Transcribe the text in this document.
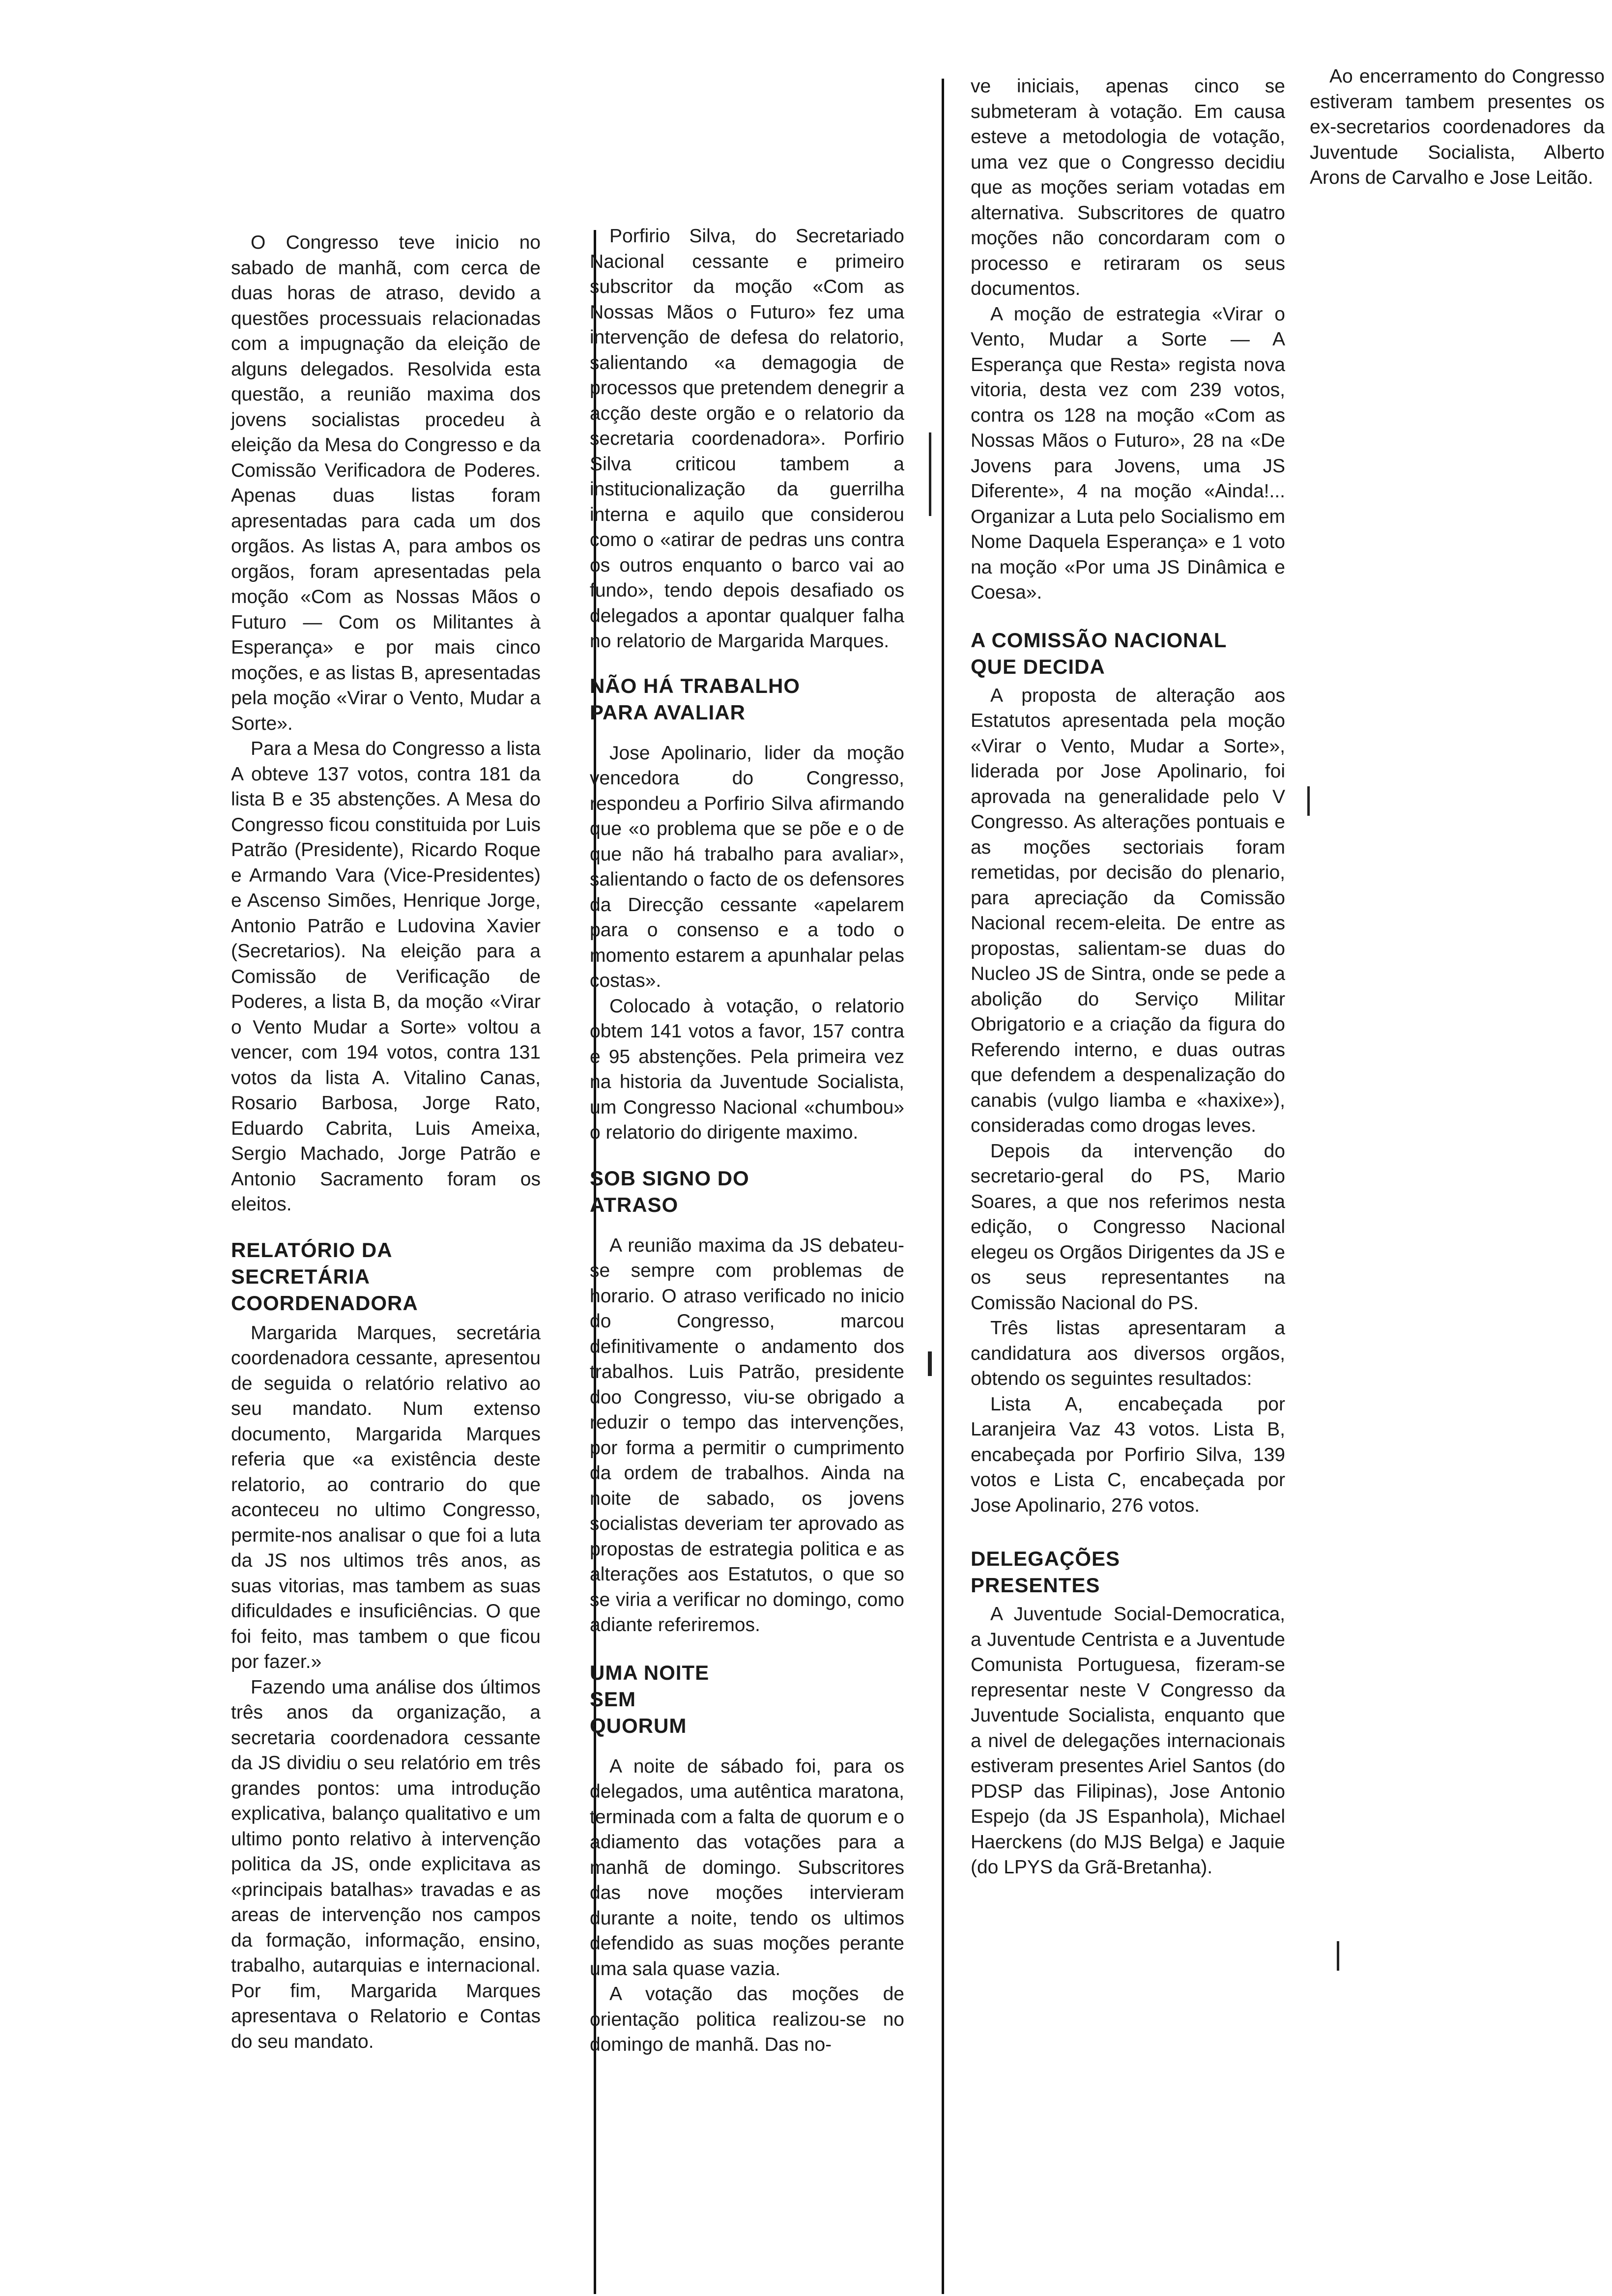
O Congresso teve inicio no sabado de manhã, com cerca de duas horas de atraso, devido a questões processuais relacionadas com a impugnação da eleição de alguns delegados. Resolvida esta questão, a reunião maxima dos jovens socialistas procedeu à eleição da Mesa do Congresso e da Comissão Verificadora de Poderes. Apenas duas listas foram apresentadas para cada um dos orgãos. As listas A, para ambos os orgãos, foram apresentadas pela moção «Com as Nossas Mãos o Futuro — Com os Militantes à Esperança» e por mais cinco moções, e as listas B, apresentadas pela moção «Virar o Vento, Mudar a Sorte».

Para a Mesa do Congresso a lista A obteve 137 votos, contra 181 da lista B e 35 abstenções. A Mesa do Congresso ficou constituida por Luis Patrão (Presidente), Ricardo Roque e Armando Vara (Vice-Presidentes) e Ascenso Simões, Henrique Jorge, Antonio Patrão e Ludovina Xavier (Secretarios). Na eleição para a Comissão de Verificação de Poderes, a lista B, da moção «Virar o Vento Mudar a Sorte» voltou a vencer, com 194 votos, contra 131 votos da lista A. Vitalino Canas, Rosario Barbosa, Jorge Rato, Eduardo Cabrita, Luis Ameixa, Sergio Machado, Jorge Patrão e Antonio Sacramento foram os eleitos.

RELATÓRIO DA SECRETÁRIA COORDENADORA

Margarida Marques, secretária coordenadora cessante, apresentou de seguida o relatório relativo ao seu mandato. Num extenso documento, Margarida Marques referia que «a existência deste relatorio, ao contrario do que aconteceu no ultimo Congresso, permite-nos analisar o que foi a luta da JS nos ultimos três anos, as suas vitorias, mas tambem as suas dificuldades e insuficiências. O que foi feito, mas tambem o que ficou por fazer.»

Fazendo uma análise dos últimos três anos da organização, a secretaria coordenadora cessante da JS dividiu o seu relatório em três grandes pontos: uma introdução explicativa, balanço qualitativo e um ultimo ponto relativo à intervenção politica da JS, onde explicitava as «principais batalhas» travadas e as areas de intervenção nos campos da formação, informação, ensino, trabalho, autarquias e internacional. Por fim, Margarida Marques apresentava o Relatorio e Contas do seu mandato.

Porfirio Silva, do Secretariado Nacional cessante e primeiro subscritor da moção «Com as Nossas Mãos o Futuro» fez uma intervenção de defesa do relatorio, salientando «a demagogia de processos que pretendem denegrir a acção deste orgão e o relatorio da secretaria coordenadora». Porfirio Silva criticou tambem a institucionalização da guerrilha interna e aquilo que considerou como o «atirar de pedras uns contra os outros enquanto o barco vai ao fundo», tendo depois desafiado os delegados a apontar qualquer falha no relatorio de Margarida Marques.

NÃO HÁ TRABALHO PARA AVALIAR

Jose Apolinario, lider da moção vencedora do Congresso, respondeu a Porfirio Silva afirmando que «o problema que se põe e o de que não há trabalho para avaliar», salientando o facto de os defensores da Direcção cessante «apelarem para o consenso e a todo o momento estarem a apunhalar pelas costas».

Colocado à votação, o relatorio obtem 141 votos a favor, 157 contra e 95 abstenções. Pela primeira vez na historia da Juventude Socialista, um Congresso Nacional «chumbou» o relatorio do dirigente maximo.

SOB SIGNO DO ATRASO

A reunião maxima da JS debateu-se sempre com problemas de horario. O atraso verificado no inicio do Congresso, marcou definitivamente o andamento dos trabalhos. Luis Patrão, presidente doo Congresso, viu-se obrigado a reduzir o tempo das intervenções, por forma a permitir o cumprimento da ordem de trabalhos. Ainda na noite de sabado, os jovens socialistas deveriam ter aprovado as propostas de estrategia politica e as alterações aos Estatutos, o que so se viria a verificar no domingo, como adiante referiremos.

UMA NOITE SEM QUORUM

A noite de sábado foi, para os delegados, uma autêntica maratona, terminada com a falta de quorum e o adiamento das votações para a manhã de domingo. Subscritores das nove moções intervieram durante a noite, tendo os ultimos defendido as suas moções perante uma sala quase vazia.

A votação das moções de orientação politica realizou-se no domingo de manhã. Das no-

ve iniciais, apenas cinco se submeteram à votação. Em causa esteve a metodologia de votação, uma vez que o Congresso decidiu que as moções seriam votadas em alternativa. Subscritores de quatro moções não concordaram com o processo e retiraram os seus documentos.

A moção de estrategia «Virar o Vento, Mudar a Sorte — A Esperança que Resta» regista nova vitoria, desta vez com 239 votos, contra os 128 na moção «Com as Nossas Mãos o Futuro», 28 na «De Jovens para Jovens, uma JS Diferente», 4 na moção «Ainda!... Organizar a Luta pelo Socialismo em Nome Daquela Esperança» e 1 voto na moção «Por uma JS Dinâmica e Coesa».

A COMISSÃO NACIONAL QUE DECIDA

A proposta de alteração aos Estatutos apresentada pela moção «Virar o Vento, Mudar a Sorte», liderada por Jose Apolinario, foi aprovada na generalidade pelo V Congresso. As alterações pontuais e as moções sectoriais foram remetidas, por decisão do plenario, para apreciação da Comissão Nacional recem-eleita. De entre as propostas, salientam-se duas do Nucleo JS de Sintra, onde se pede a abolição do Serviço Militar Obrigatorio e a criação da figura do Referendo interno, e duas outras que defendem a despenalização do canabis (vulgo liamba e «haxixe»), consideradas como drogas leves.

Depois da intervenção do secretario-geral do PS, Mario Soares, a que nos referimos nesta edição, o Congresso Nacional elegeu os Orgãos Dirigentes da JS e os seus representantes na Comissão Nacional do PS.

Três listas apresentaram a candidatura aos diversos orgãos, obtendo os seguintes resultados:

Lista A, encabeçada por Laranjeira Vaz 43 votos. Lista B, encabeçada por Porfirio Silva, 139 votos e Lista C, encabeçada por Jose Apolinario, 276 votos.

DELEGAÇÕES PRESENTES

A Juventude Social-Democratica, a Juventude Centrista e a Juventude Comunista Portuguesa, fizeram-se representar neste V Congresso da Juventude Socialista, enquanto que a nivel de delegações internacionais estiveram presentes Ariel Santos (do PDSP das Filipinas), Jose Antonio Espejo (da JS Espanhola), Michael Haerckens (do MJS Belga) e Jaquie (do LPYS da Grã-Bretanha).

Ao encerramento do Congresso estiveram tambem presentes os ex-secretarios coordenadores da Juventude Socialista, Alberto Arons de Carvalho e Jose Leitão.
